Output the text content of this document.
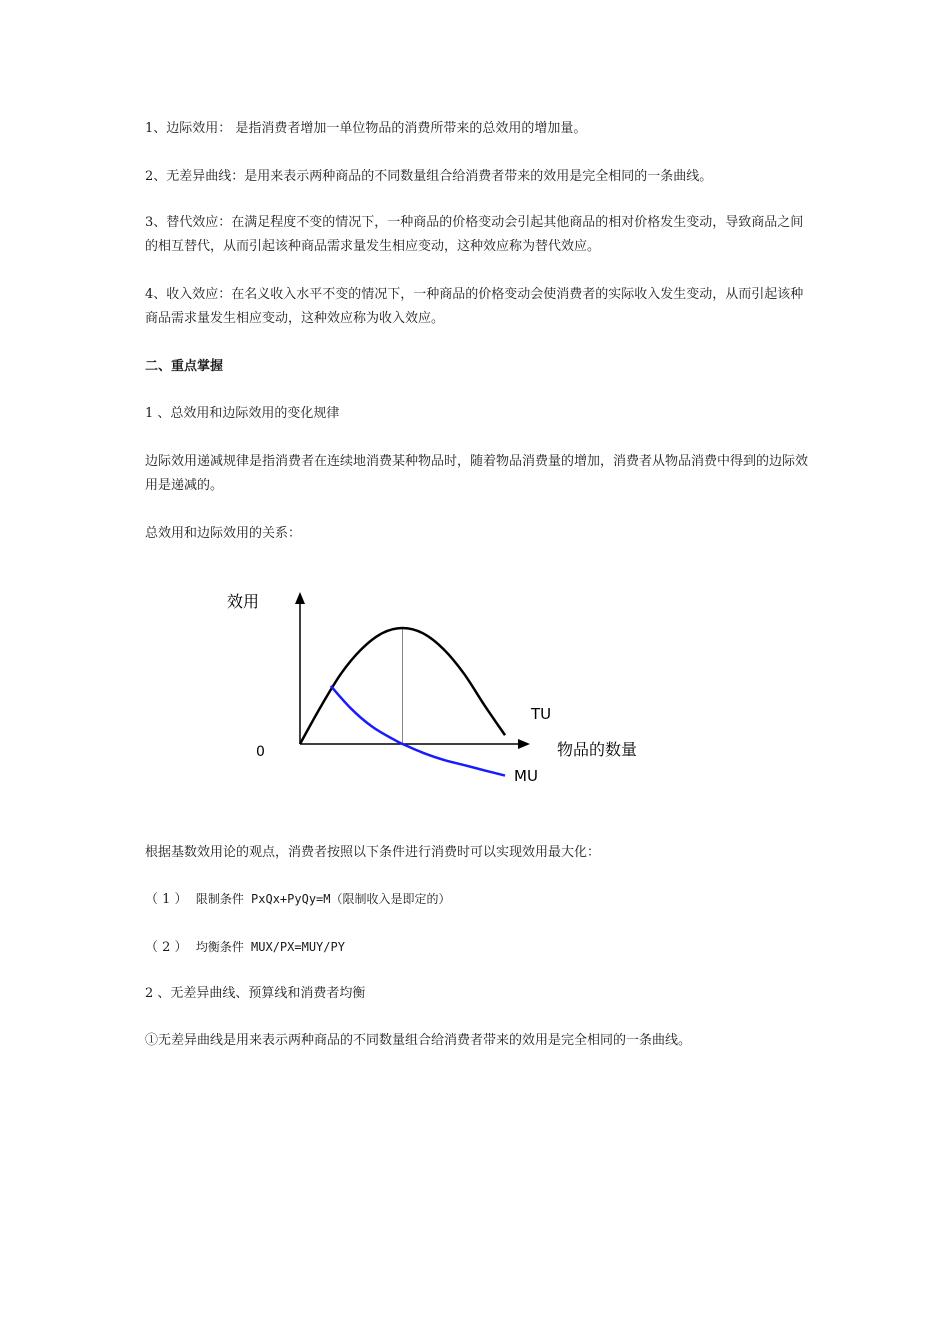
1、边际效用： 是指消费者增加一单位物品的消费所带来的总效用的增加量。

2、无差异曲线：是用来表示两种商品的不同数量组合给消费者带来的效用是完全相同的一条曲线。

3、替代效应：在满足程度不变的情况下，一种商品的价格变动会引起其他商品的相对价格发生变动，导致商品之间的相互替代，从而引起该种商品需求量发生相应变动，这种效应称为替代效应。

4、收入效应：在名义收入水平不变的情况下，一种商品的价格变动会使消费者的实际收入发生变动，从而引起该种商品需求量发生相应变动，这种效应称为收入效应。

二、重点掌握

1 、总效用和边际效用的变化规律

边际效用递减规律是指消费者在连续地消费某种物品时，随着物品消费量的增加，消费者从物品消费中得到的边际效用是递减的。

总效用和边际效用的关系：

效用
0	物品的数量
TU
MU

根据基数效用论的观点，消费者按照以下条件进行消费时可以实现效用最大化：

（ 1 ） 限制条件 PxQx+PyQy=M（限制收入是即定的）

（ 2 ） 均衡条件 MUX/PX=MUY/PY

2 、无差异曲线、预算线和消费者均衡

①无差异曲线是用来表示两种商品的不同数量组合给消费者带来的效用是完全相同的一条曲线。
